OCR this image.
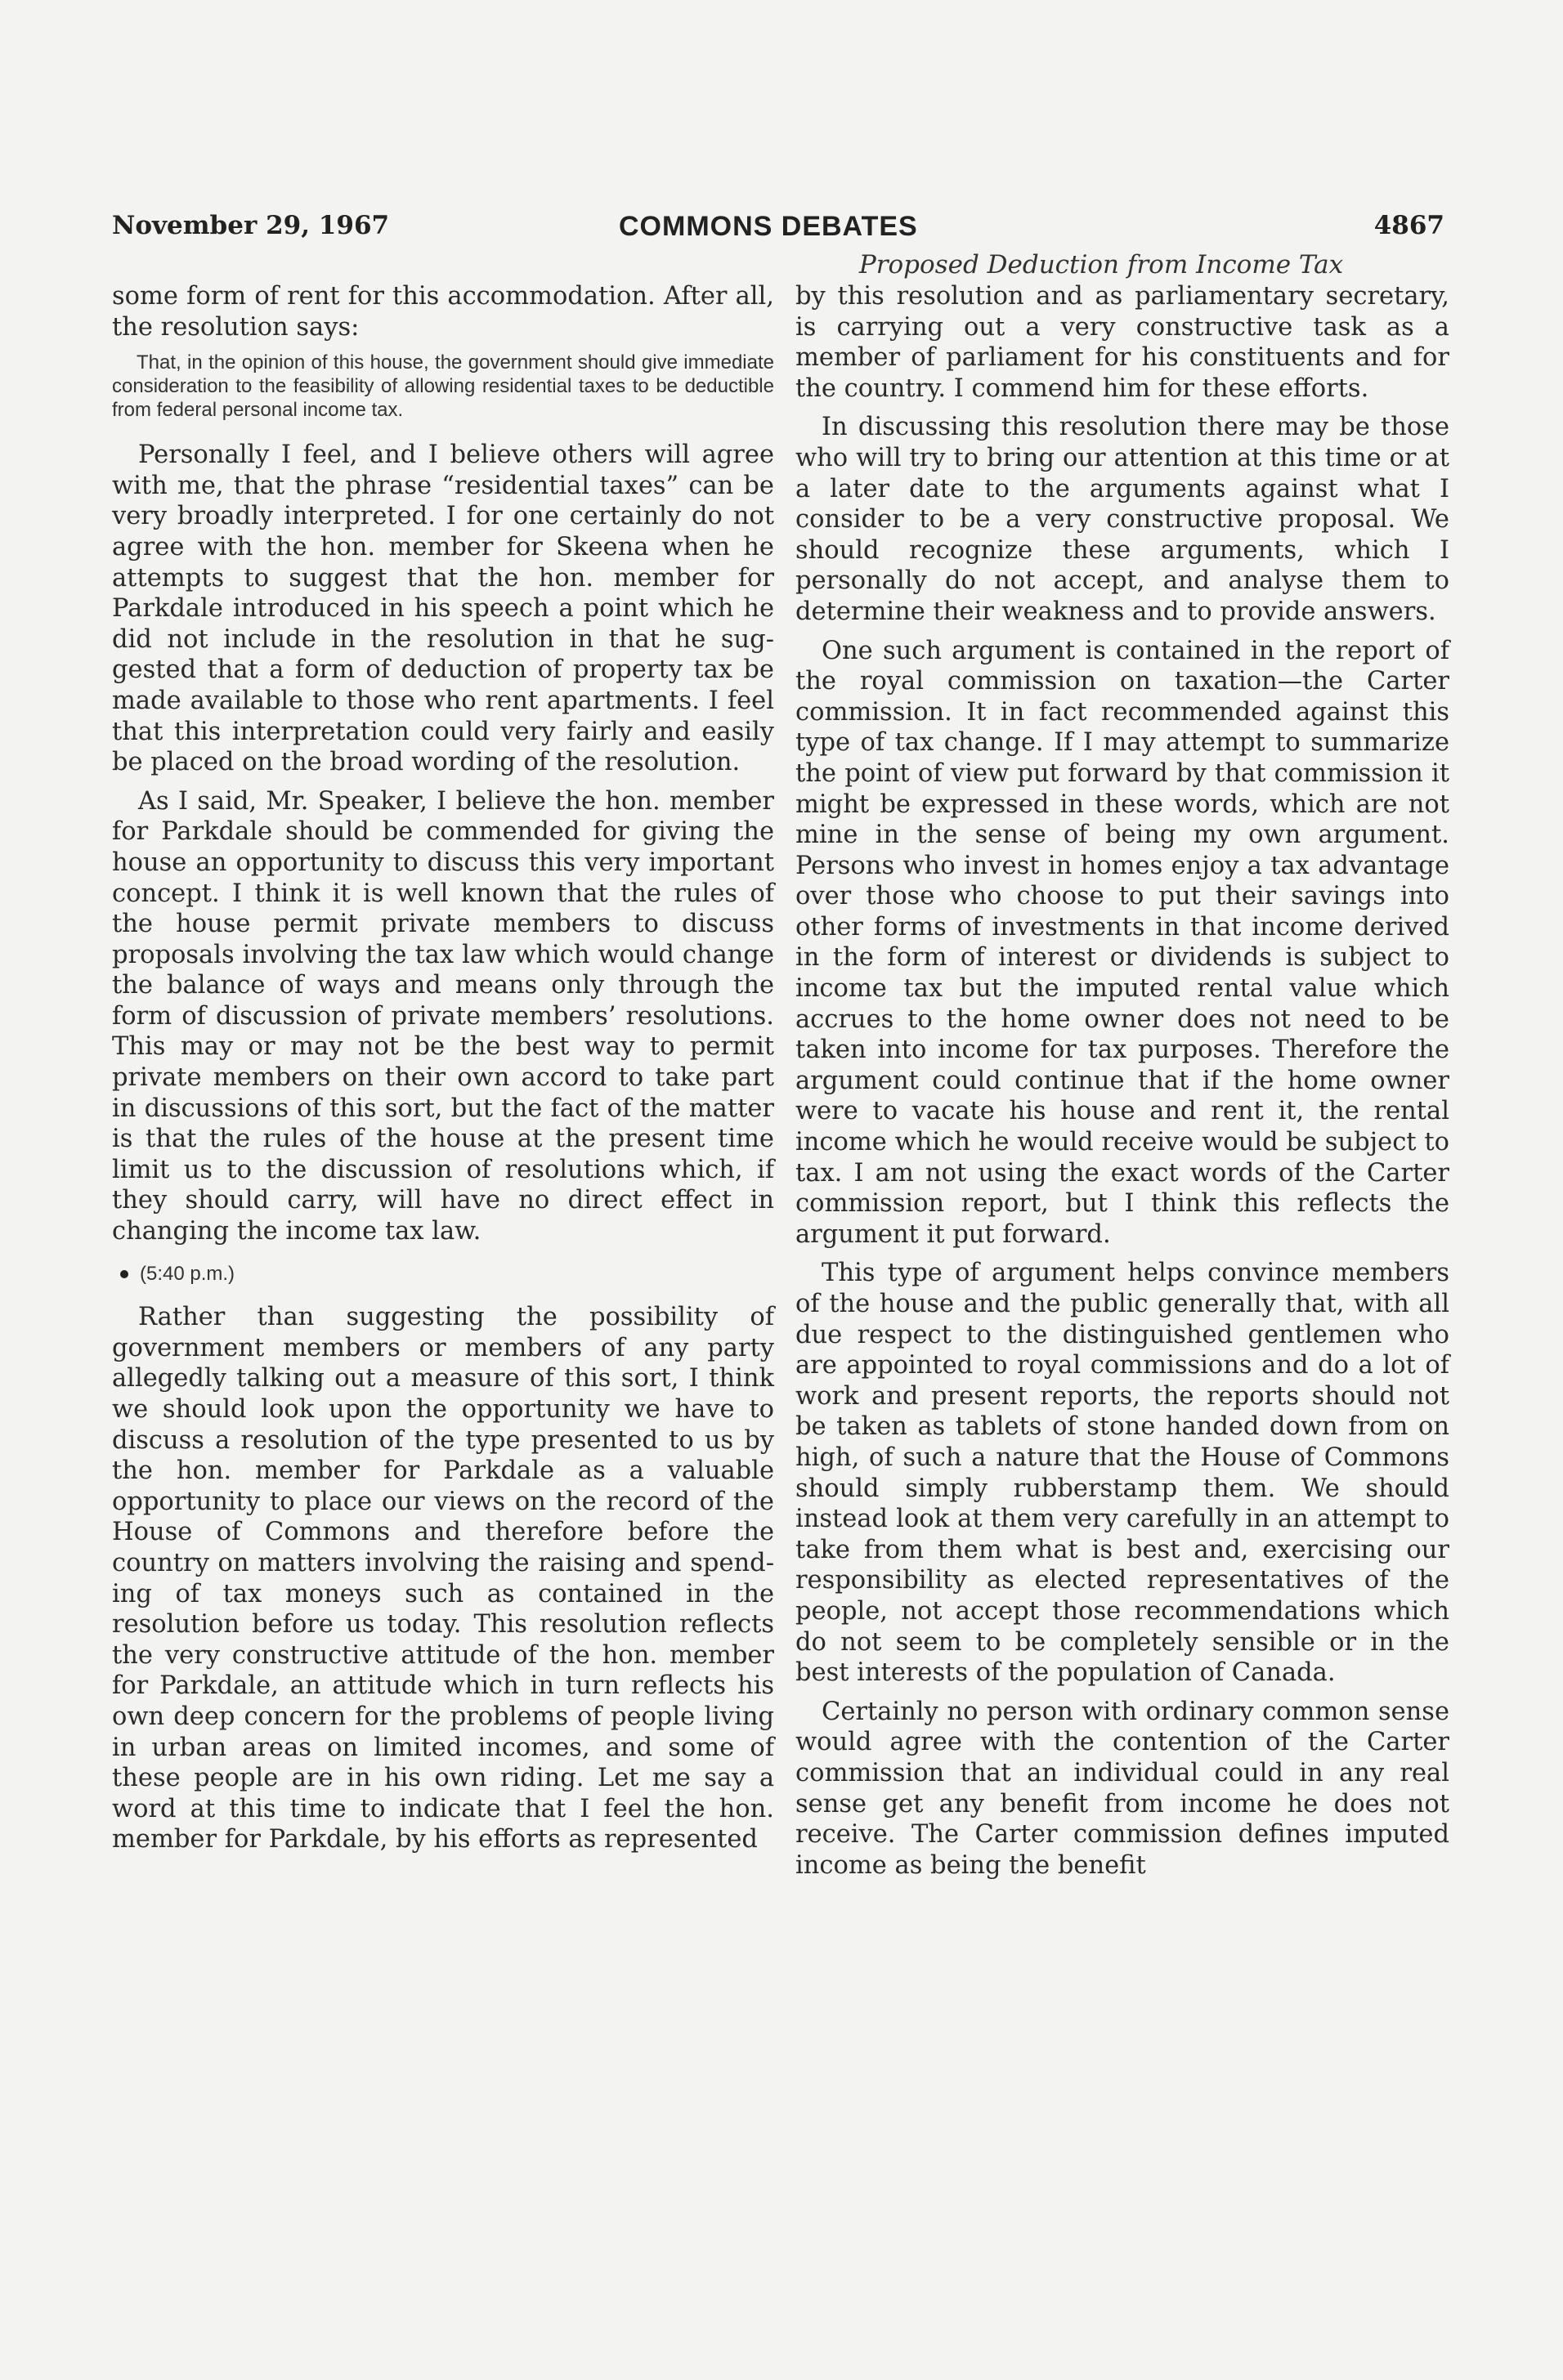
November 29, 1967	COMMONS DEBATES	4867
Proposed Deduction from Income Tax

some form of rent for this accommodation. After all, the resolution says:

That, in the opinion of this house, the government should give immediate consideration to the feasibility of allowing residential taxes to be deductible from federal personal income tax.

Personally I feel, and I believe others will agree with me, that the phrase “residential taxes” can be very broadly interpreted. I for one certainly do not agree with the hon. member for Skeena when he attempts to suggest that the hon. member for Parkdale introduced in his speech a point which he did not include in the resolution in that he suggested that a form of deduction of property tax be made available to those who rent apartments. I feel that this interpretation could very fairly and easily be placed on the broad wording of the resolution.

As I said, Mr. Speaker, I believe the hon. member for Parkdale should be commended for giving the house an opportunity to discuss this very important concept. I think it is well known that the rules of the house permit private members to discuss proposals involving the tax law which would change the balance of ways and means only through the form of discussion of private members’ resolutions. This may or may not be the best way to permit private members on their own accord to take part in discussions of this sort, but the fact of the matter is that the rules of the house at the present time limit us to the discussion of resolutions which, if they should carry, will have no direct effect in changing the income tax law.

(5:40 p.m.)

Rather than suggesting the possibility of government members or members of any party allegedly talking out a measure of this sort, I think we should look upon the opportunity we have to discuss a resolution of the type presented to us by the hon. member for Parkdale as a valuable opportunity to place our views on the record of the House of Commons and therefore before the country on matters involving the raising and spending of tax moneys such as contained in the resolution before us today. This resolution reflects the very constructive attitude of the hon. member for Parkdale, an attitude which in turn reflects his own deep concern for the problems of people living in urban areas on limited incomes, and some of these people are in his own riding. Let me say a word at this time to indicate that I feel the hon. member for Parkdale, by his efforts as represented

by this resolution and as parliamentary secretary, is carrying out a very constructive task as a member of parliament for his constituents and for the country. I commend him for these efforts.

In discussing this resolution there may be those who will try to bring our attention at this time or at a later date to the arguments against what I consider to be a very constructive proposal. We should recognize these arguments, which I personally do not accept, and analyse them to determine their weakness and to provide answers.

One such argument is contained in the report of the royal commission on taxation—the Carter commission. It in fact recommended against this type of tax change. If I may attempt to summarize the point of view put forward by that commission it might be expressed in these words, which are not mine in the sense of being my own argument. Persons who invest in homes enjoy a tax advantage over those who choose to put their savings into other forms of investments in that income derived in the form of interest or dividends is subject to income tax but the imputed rental value which accrues to the home owner does not need to be taken into income for tax purposes. Therefore the argument could continue that if the home owner were to vacate his house and rent it, the rental income which he would receive would be subject to tax. I am not using the exact words of the Carter commission report, but I think this reflects the argument it put forward.

This type of argument helps convince members of the house and the public generally that, with all due respect to the distinguished gentlemen who are appointed to royal commissions and do a lot of work and present reports, the reports should not be taken as tablets of stone handed down from on high, of such a nature that the House of Commons should simply rubberstamp them. We should instead look at them very carefully in an attempt to take from them what is best and, exercising our responsibility as elected representatives of the people, not accept those recommendations which do not seem to be completely sensible or in the best interests of the population of Canada.

Certainly no person with ordinary common sense would agree with the contention of the Carter commission that an individual could in any real sense get any benefit from income he does not receive. The Carter commission defines imputed income as being the benefit
